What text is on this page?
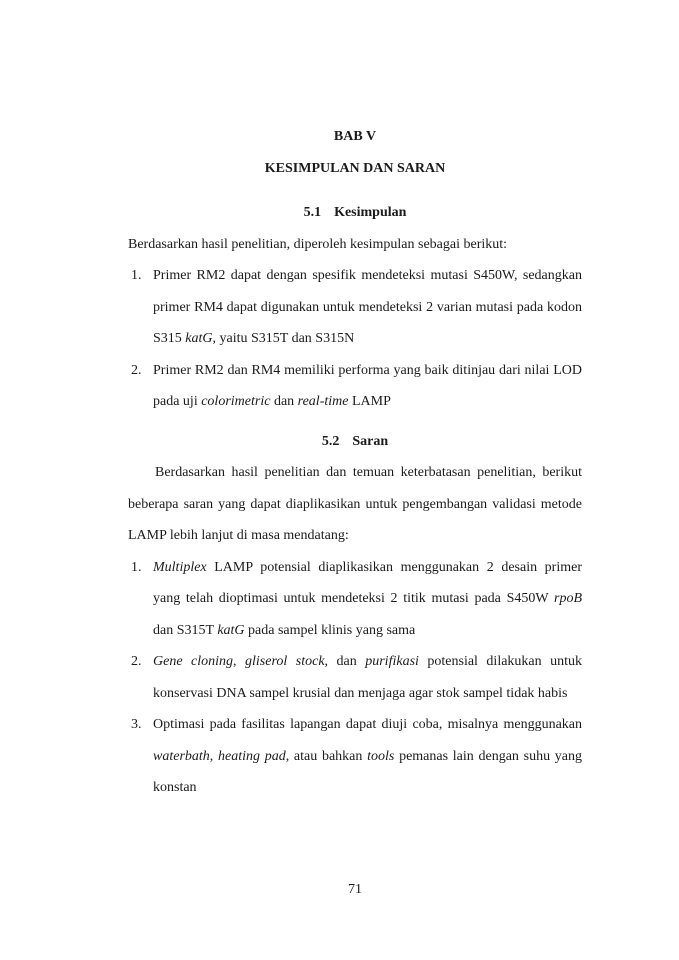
BAB V

KESIMPULAN DAN SARAN

5.1 Kesimpulan

Berdasarkan hasil penelitian, diperoleh kesimpulan sebagai berikut:

1. Primer RM2 dapat dengan spesifik mendeteksi mutasi S450W, sedangkan primer RM4 dapat digunakan untuk mendeteksi 2 varian mutasi pada kodon S315 katG, yaitu S315T dan S315N
2. Primer RM2 dan RM4 memiliki performa yang baik ditinjau dari nilai LOD pada uji colorimetric dan real-time LAMP

5.2 Saran

Berdasarkan hasil penelitian dan temuan keterbatasan penelitian, berikut beberapa saran yang dapat diaplikasikan untuk pengembangan validasi metode LAMP lebih lanjut di masa mendatang:

1. Multiplex LAMP potensial diaplikasikan menggunakan 2 desain primer yang telah dioptimasi untuk mendeteksi 2 titik mutasi pada S450W rpoB dan S315T katG pada sampel klinis yang sama
2. Gene cloning, gliserol stock, dan purifikasi potensial dilakukan untuk konservasi DNA sampel krusial dan menjaga agar stok sampel tidak habis
3. Optimasi pada fasilitas lapangan dapat diuji coba, misalnya menggunakan waterbath, heating pad, atau bahkan tools pemanas lain dengan suhu yang konstan
71
